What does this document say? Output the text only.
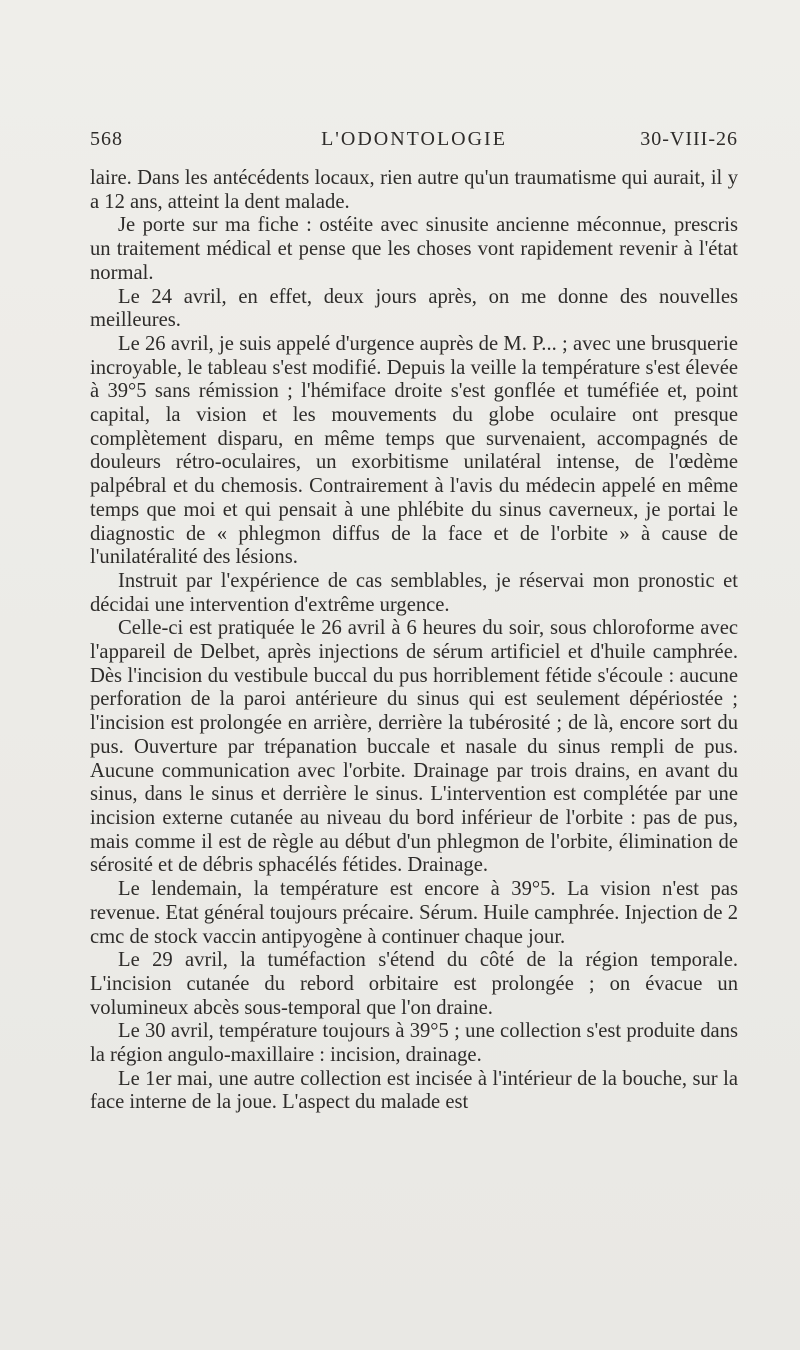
568	L'ODONTOLOGIE	30-VIII-26

laire. Dans les antécédents locaux, rien autre qu'un traumatisme qui aurait, il y a 12 ans, atteint la dent malade.

Je porte sur ma fiche : ostéite avec sinusite ancienne méconnue, prescris un traitement médical et pense que les choses vont rapidement revenir à l'état normal.

Le 24 avril, en effet, deux jours après, on me donne des nouvelles meilleures.

Le 26 avril, je suis appelé d'urgence auprès de M. P... ; avec une brusquerie incroyable, le tableau s'est modifié. Depuis la veille la température s'est élevée à 39°5 sans rémission ; l'hémiface droite s'est gonflée et tuméfiée et, point capital, la vision et les mouvements du globe oculaire ont presque complètement disparu, en même temps que survenaient, accompagnés de douleurs rétro-oculaires, un exorbitisme unilatéral intense, de l'œdème palpébral et du chemosis. Contrairement à l'avis du médecin appelé en même temps que moi et qui pensait à une phlébite du sinus caverneux, je portai le diagnostic de « phlegmon diffus de la face et de l'orbite » à cause de l'unilatéralité des lésions.

Instruit par l'expérience de cas semblables, je réservai mon pronostic et décidai une intervention d'extrême urgence.

Celle-ci est pratiquée le 26 avril à 6 heures du soir, sous chloroforme avec l'appareil de Delbet, après injections de sérum artificiel et d'huile camphrée. Dès l'incision du vestibule buccal du pus horriblement fétide s'écoule : aucune perforation de la paroi antérieure du sinus qui est seulement dépériostée ; l'incision est prolongée en arrière, derrière la tubérosité ; de là, encore sort du pus. Ouverture par trépanation buccale et nasale du sinus rempli de pus. Aucune communication avec l'orbite. Drainage par trois drains, en avant du sinus, dans le sinus et derrière le sinus. L'intervention est complétée par une incision externe cutanée au niveau du bord inférieur de l'orbite : pas de pus, mais comme il est de règle au début d'un phlegmon de l'orbite, élimination de sérosité et de débris sphacélés fétides. Drainage.

Le lendemain, la température est encore à 39°5. La vision n'est pas revenue. Etat général toujours précaire. Sérum. Huile camphrée. Injection de 2 cmc de stock vaccin antipyogène à continuer chaque jour.

Le 29 avril, la tuméfaction s'étend du côté de la région temporale. L'incision cutanée du rebord orbitaire est prolongée ; on évacue un volumineux abcès sous-temporal que l'on draine.

Le 30 avril, température toujours à 39°5 ; une collection s'est produite dans la région angulo-maxillaire : incision, drainage.

Le 1er mai, une autre collection est incisée à l'intérieur de la bouche, sur la face interne de la joue. L'aspect du malade est
